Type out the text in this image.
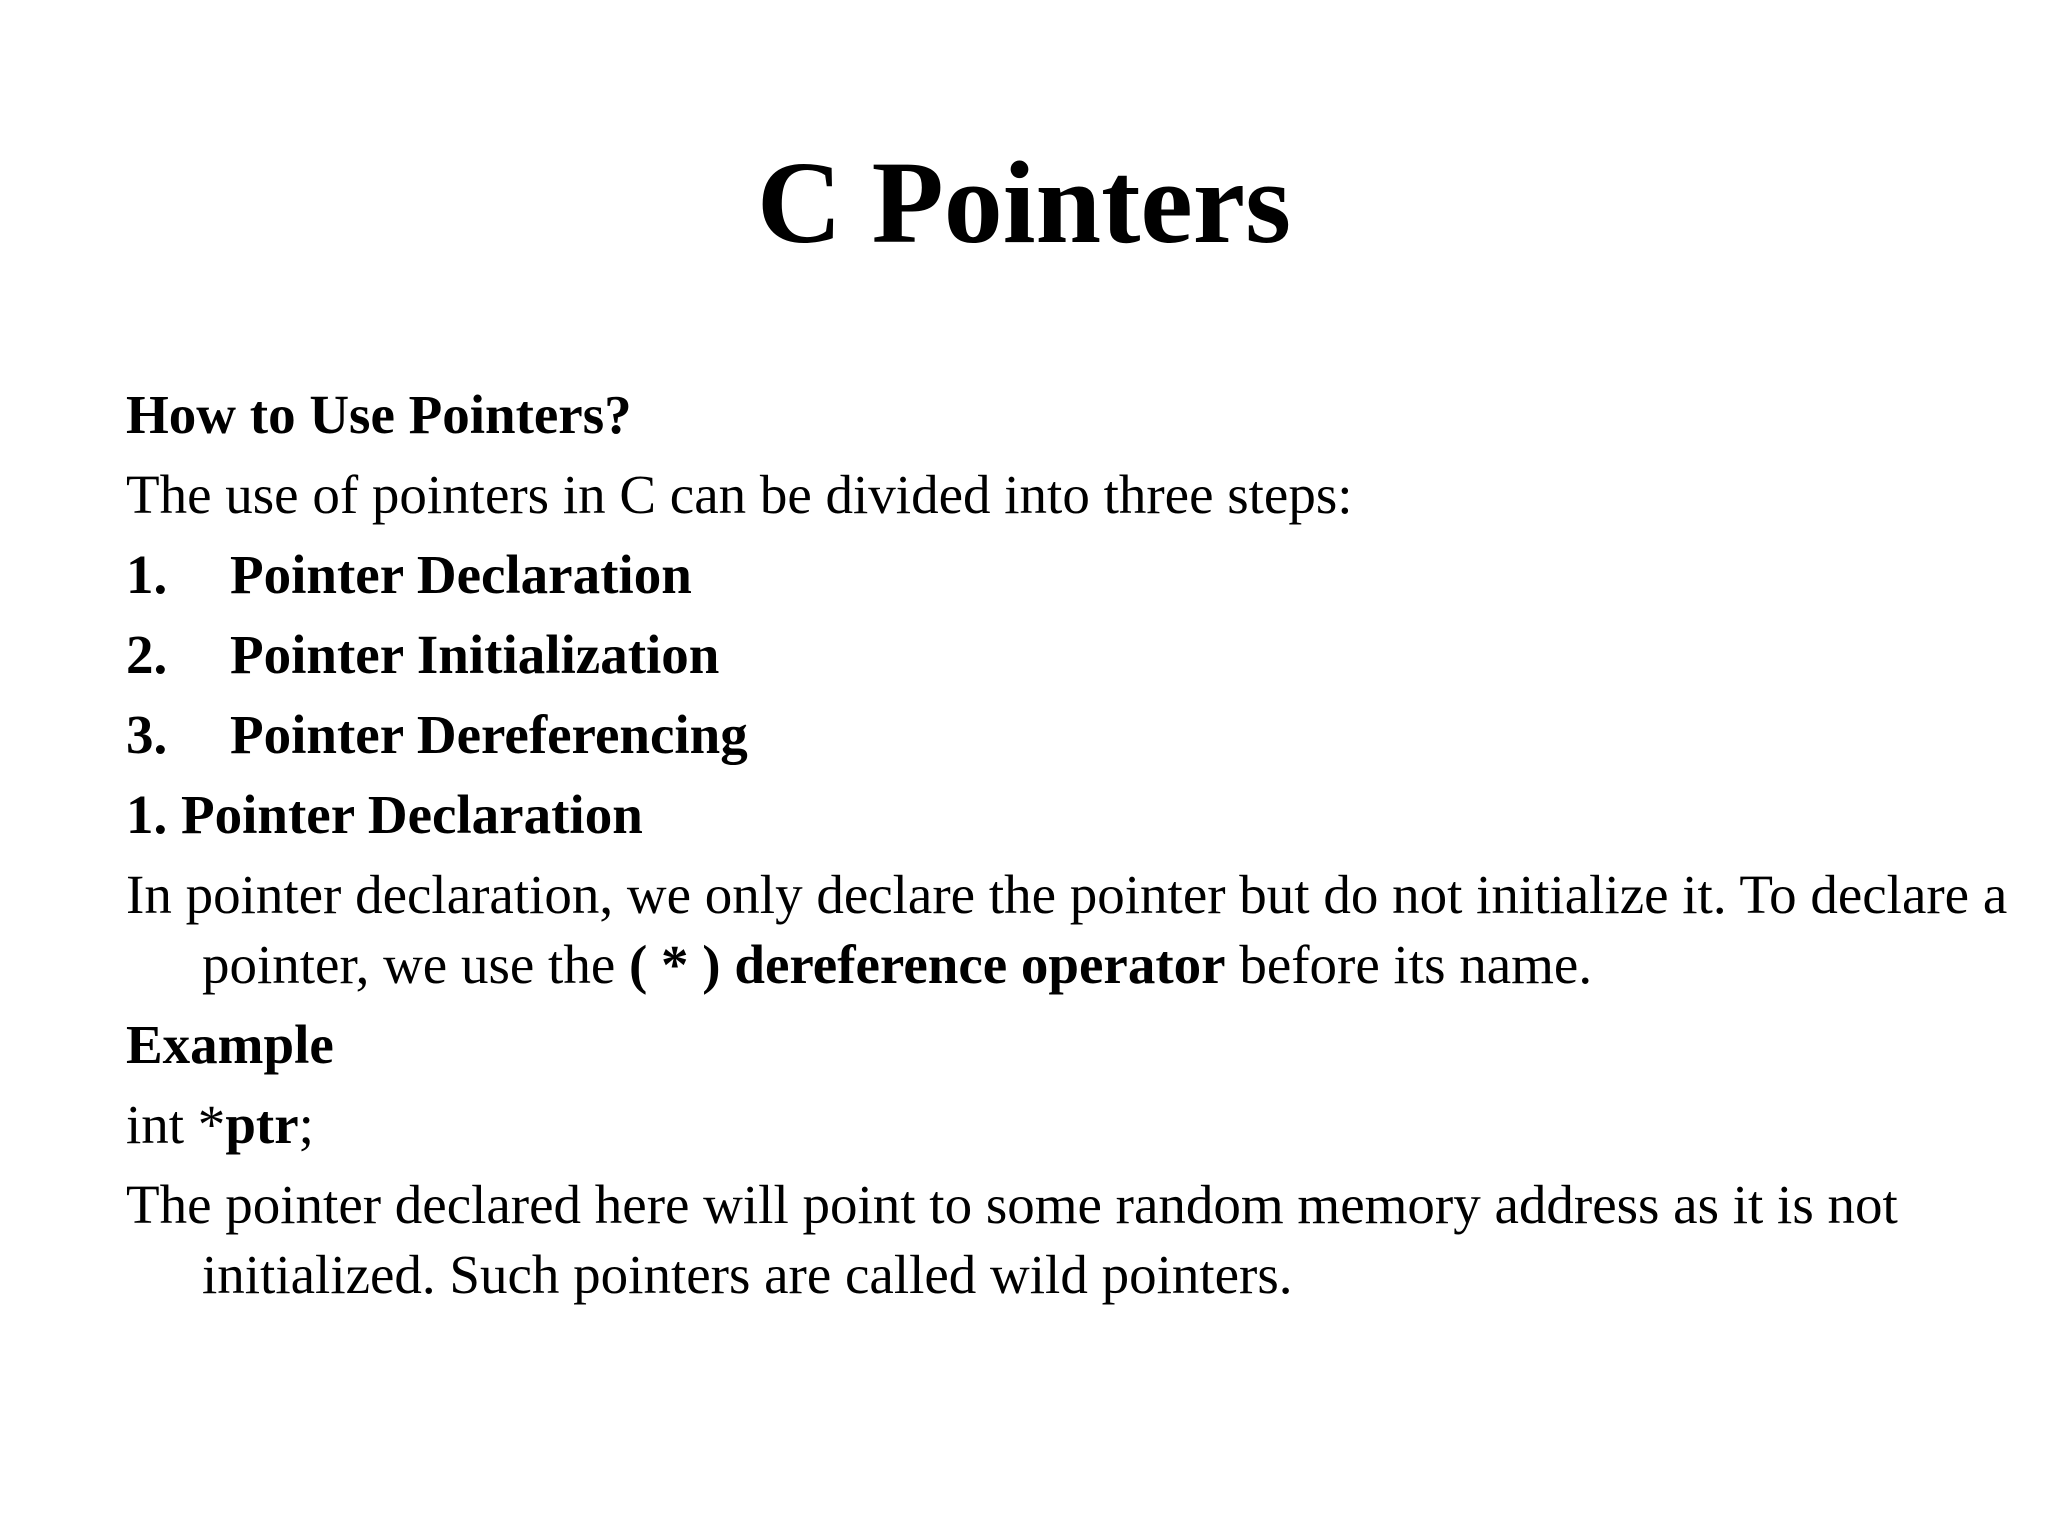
C Pointers

How to Use Pointers?

The use of pointers in C can be divided into three steps:

1. Pointer Declaration

2. Pointer Initialization

3. Pointer Dereferencing

1. Pointer Declaration

In pointer declaration, we only declare the pointer but do not initialize it. To declare a pointer, we use the ( * ) dereference operator before its name.

Example

int *ptr;

The pointer declared here will point to some random memory address as it is not initialized. Such pointers are called wild pointers.
